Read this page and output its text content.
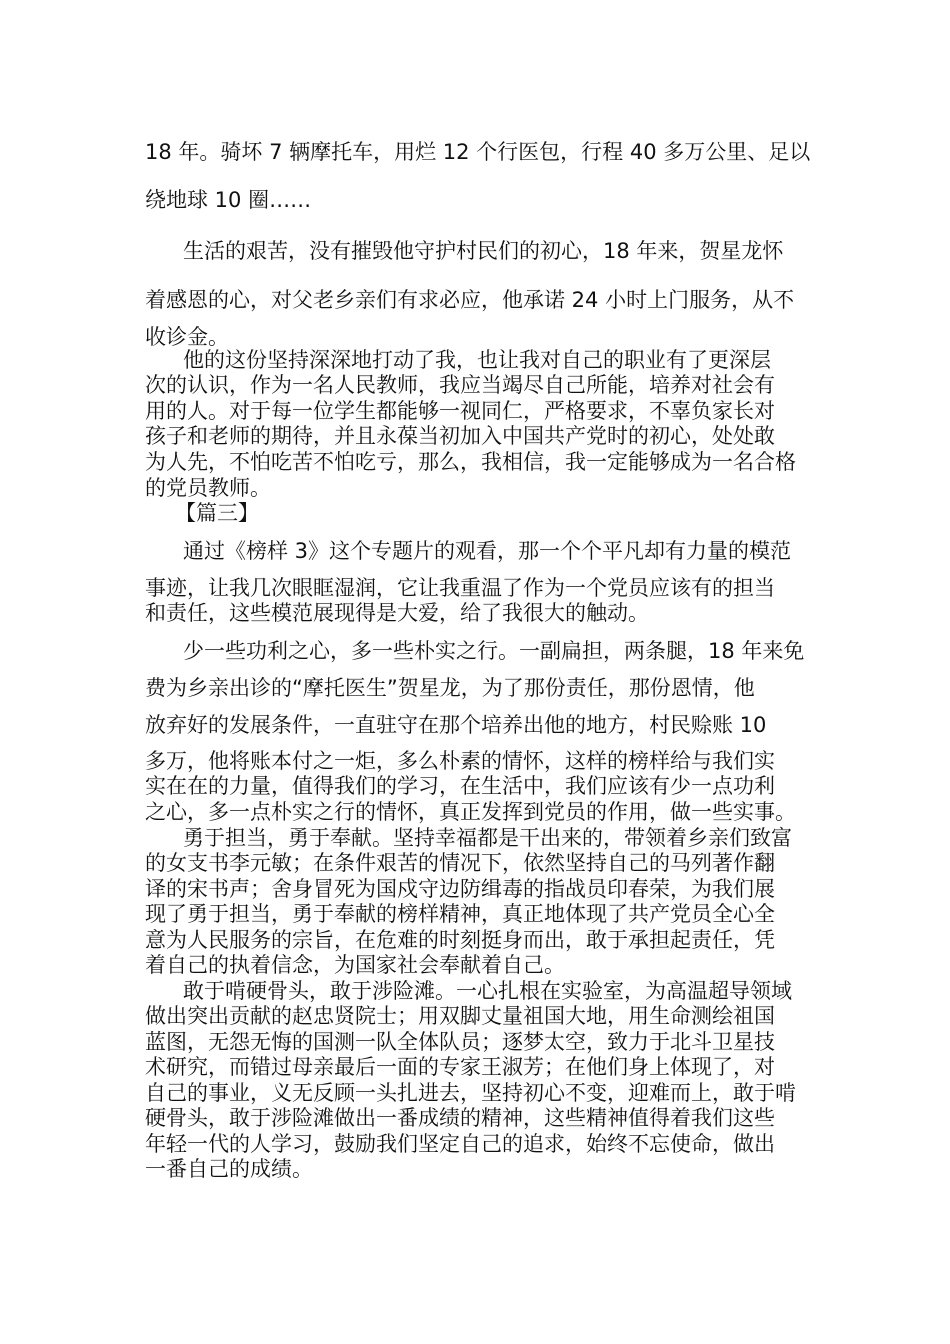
18 年。骑坏 7 辆摩托车，用烂 12 个行医包，行程 40 多万公里、足以

绕地球 10 圈……

生活的艰苦，没有摧毁他守护村民们的初心，18 年来，贺星龙怀

着感恩的心，对父老乡亲们有求必应，他承诺 24 小时上门服务，从不

收诊金。

他的这份坚持深深地打动了我，也让我对自己的职业有了更深层

次的认识，作为一名人民教师，我应当竭尽自己所能，培养对社会有

用的人。对于每一位学生都能够一视同仁，严格要求，不辜负家长对

孩子和老师的期待，并且永葆当初加入中国共产党时的初心，处处敢

为人先，不怕吃苦不怕吃亏，那么，我相信，我一定能够成为一名合格

的党员教师。

【篇三】

通过《榜样 3》这个专题片的观看，那一个个平凡却有力量的模范

事迹，让我几次眼眶湿润，它让我重温了作为一个党员应该有的担当

和责任，这些模范展现得是大爱，给了我很大的触动。

少一些功利之心，多一些朴实之行。一副扁担，两条腿，18 年来免

费为乡亲出诊的“摩托医生”贺星龙，为了那份责任，那份恩情，他

放弃好的发展条件，一直驻守在那个培养出他的地方，村民赊账 10

多万，他将账本付之一炬，多么朴素的情怀，这样的榜样给与我们实

实在在的力量，值得我们的学习，在生活中，我们应该有少一点功利

之心，多一点朴实之行的情怀，真正发挥到党员的作用，做一些实事。

勇于担当，勇于奉献。坚持幸福都是干出来的，带领着乡亲们致富

的女支书李元敏；在条件艰苦的情况下，依然坚持自己的马列著作翻

译的宋书声；舍身冒死为国戍守边防缉毒的指战员印春荣，为我们展

现了勇于担当，勇于奉献的榜样精神，真正地体现了共产党员全心全

意为人民服务的宗旨，在危难的时刻挺身而出，敢于承担起责任，凭

着自己的执着信念，为国家社会奉献着自己。

敢于啃硬骨头，敢于涉险滩。一心扎根在实验室，为高温超导领域

做出突出贡献的赵忠贤院士；用双脚丈量祖国大地，用生命测绘祖国

蓝图，无怨无悔的国测一队全体队员；逐梦太空，致力于北斗卫星技

术研究，而错过母亲最后一面的专家王淑芳；在他们身上体现了，对

自己的事业，义无反顾一头扎进去，坚持初心不变，迎难而上，敢于啃

硬骨头，敢于涉险滩做出一番成绩的精神，这些精神值得着我们这些

年轻一代的人学习，鼓励我们坚定自己的追求，始终不忘使命，做出

一番自己的成绩。
